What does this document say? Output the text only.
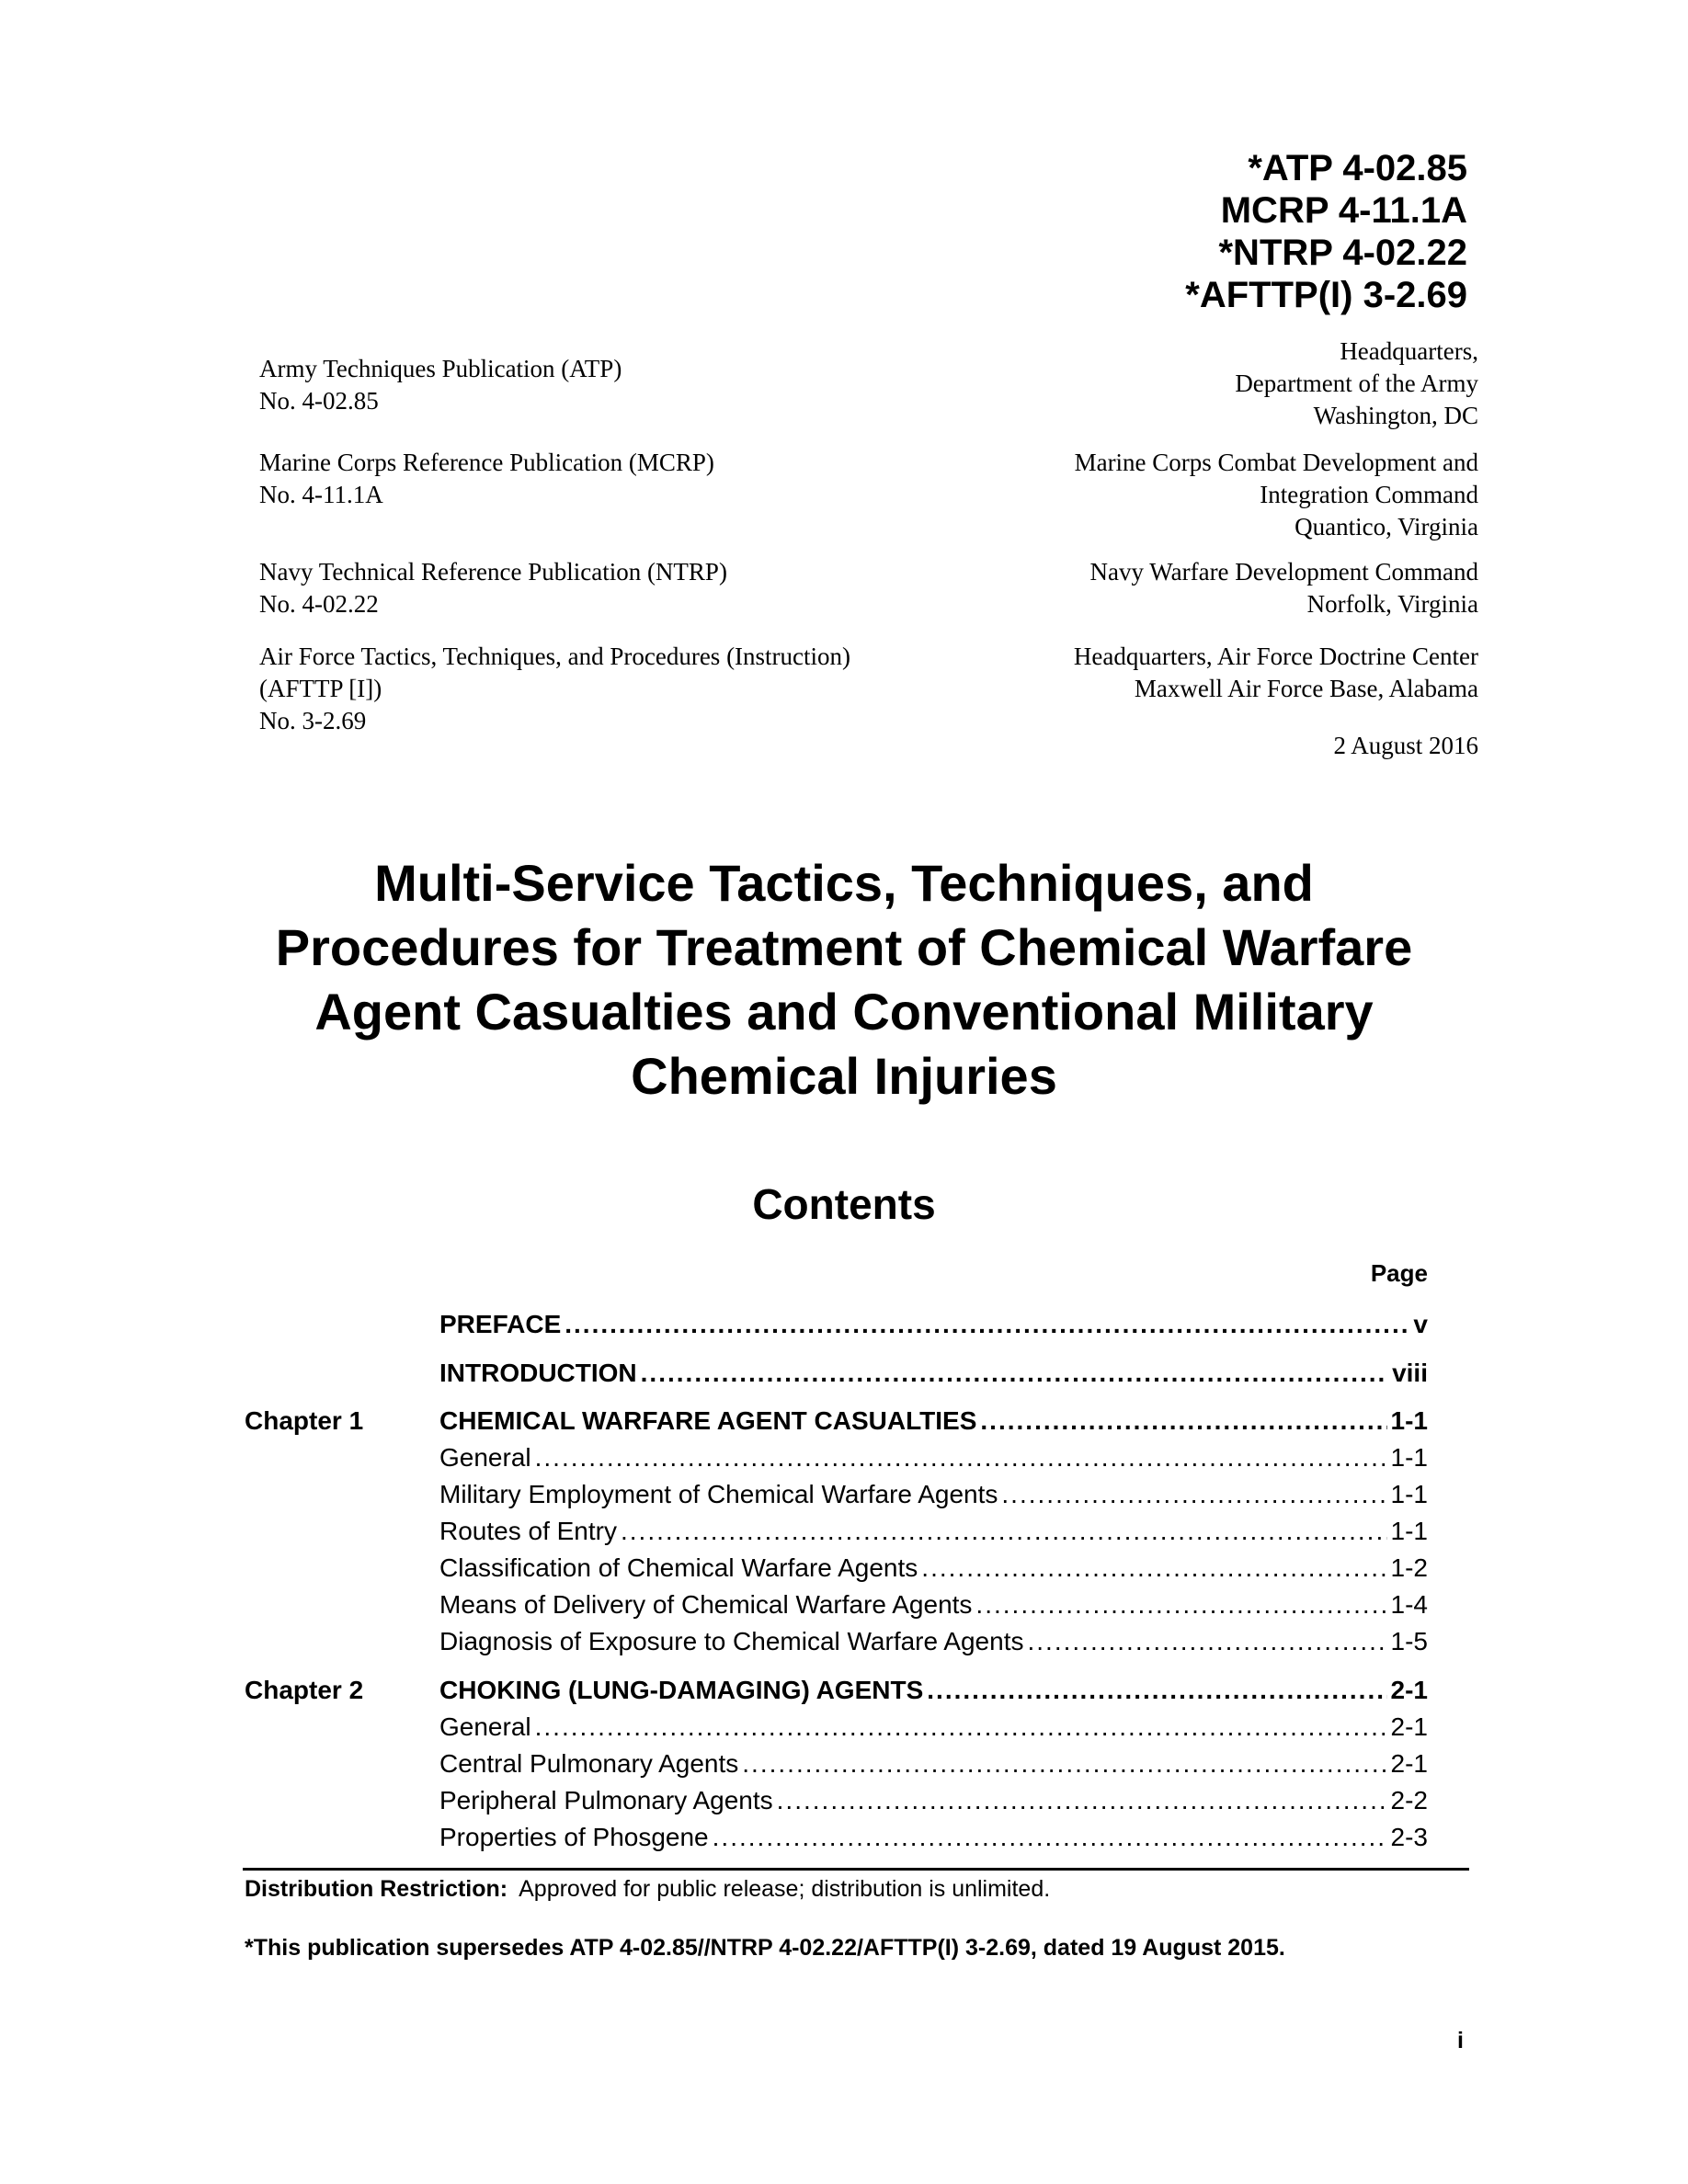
*ATP 4-02.85
MCRP 4-11.1A
*NTRP 4-02.22
*AFTTP(I) 3-2.69
Army Techniques Publication (ATP)
No. 4-02.85
Marine Corps Reference Publication (MCRP)
No. 4-11.1A
Navy Technical Reference Publication (NTRP)
No. 4-02.22
Air Force Tactics, Techniques, and Procedures (Instruction)
(AFTTP [I])
No. 3-2.69
Headquarters,
Department of the Army
Washington, DC
Marine Corps Combat Development and
Integration Command
Quantico, Virginia
Navy Warfare Development Command
Norfolk, Virginia
Headquarters, Air Force Doctrine Center
Maxwell Air Force Base, Alabama
2 August 2016
Multi-Service Tactics, Techniques, and
Procedures for Treatment of Chemical Warfare
Agent Casualties and Conventional Military
Chemical Injuries
Contents
Page
PREFACE .....	v
INTRODUCTION .....	viii
Chapter 1	CHEMICAL WARFARE AGENT CASUALTIES .....	1-1
General .....	1-1
Military Employment of Chemical Warfare Agents .....	1-1
Routes of Entry .....	1-1
Classification of Chemical Warfare Agents .....	1-2
Means of Delivery of Chemical Warfare Agents .....	1-4
Diagnosis of Exposure to Chemical Warfare Agents .....	1-5
Chapter 2	CHOKING (LUNG-DAMAGING) AGENTS .....	2-1
General .....	2-1
Central Pulmonary Agents .....	2-1
Peripheral Pulmonary Agents .....	2-2
Properties of Phosgene .....	2-3
Distribution Restriction: Approved for public release; distribution is unlimited.
*This publication supersedes ATP 4-02.85//NTRP 4-02.22/AFTTP(I) 3-2.69, dated 19 August 2015.
i
